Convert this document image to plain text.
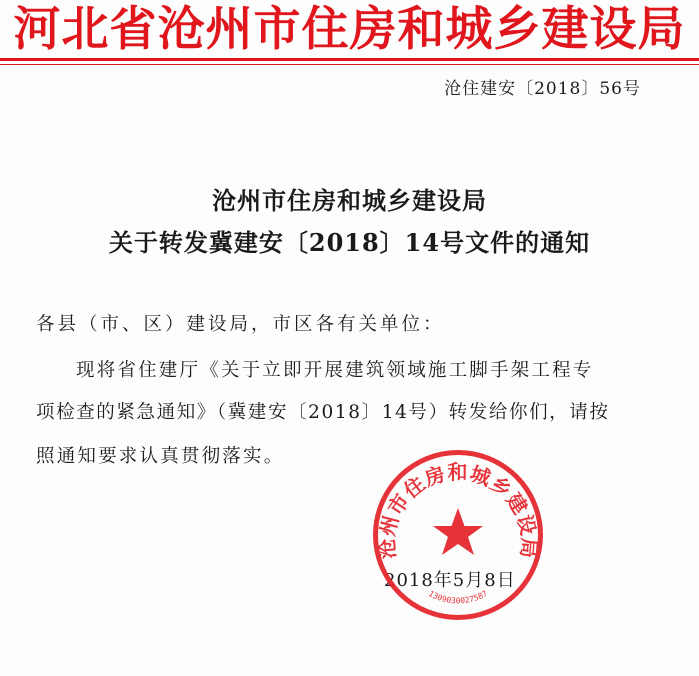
河北省沧州市住房和城乡建设局
沧住建安〔2018〕56号
沧州市住房和城乡建设局
关于转发冀建安〔2018〕14号文件的通知
各县（市、区）建设局，市区各有关单位：
现将省住建厅《关于立即开展建筑领域施工脚手架工程专
项检查的紧急通知》（冀建安〔2018〕14号）转发给你们，请按
照通知要求认真贯彻落实。
2018年5月8日
沧州市住房和城乡建设局
1309030027587
